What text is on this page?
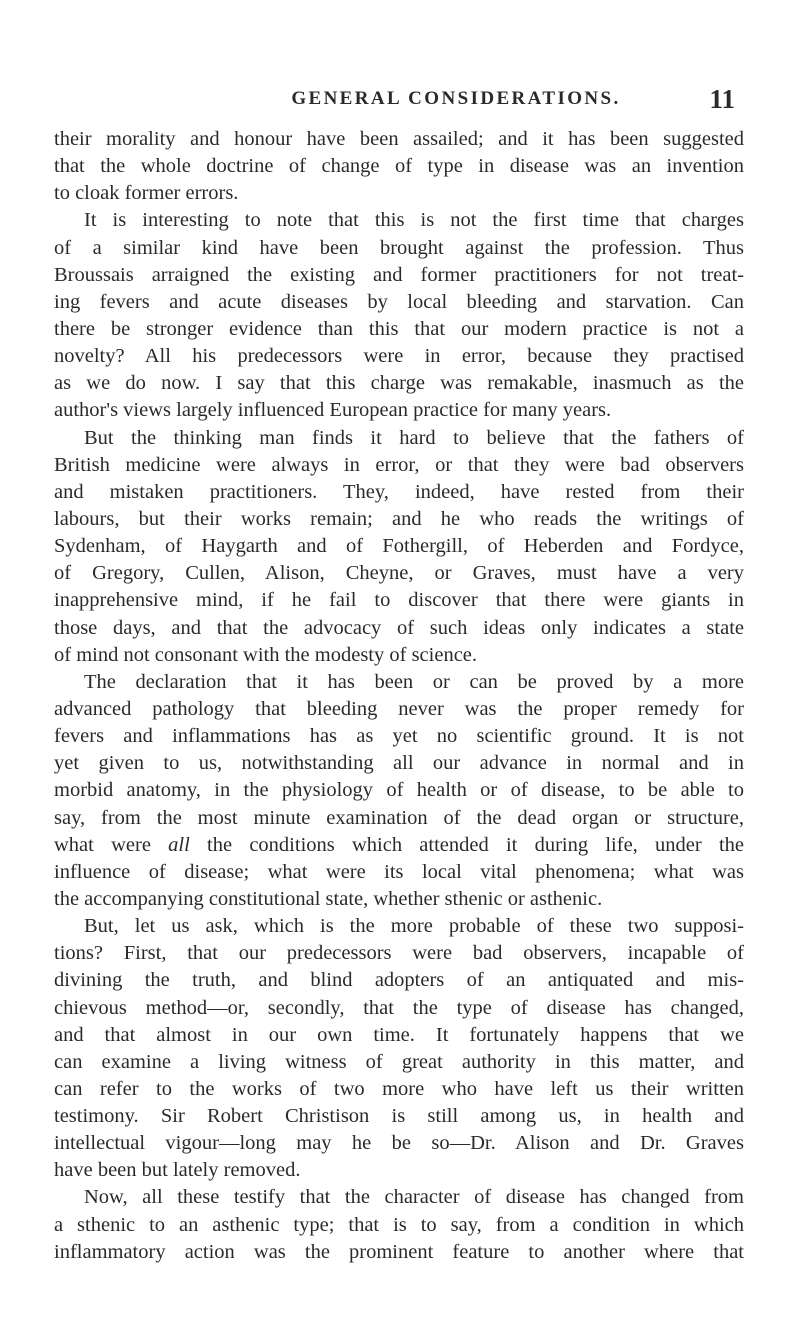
GENERAL CONSIDERATIONS.	11
their morality and honour have been assailed; and it has been suggested
that the whole doctrine of change of type in disease was an invention
to cloak former errors.
It is interesting to note that this is not the first time that charges
of a similar kind have been brought against the profession. Thus
Broussais arraigned the existing and former practitioners for not treat-
ing fevers and acute diseases by local bleeding and starvation. Can
there be stronger evidence than this that our modern practice is not a
novelty? All his predecessors were in error, because they practised
as we do now. I say that this charge was remakable, inasmuch as the
author's views largely influenced European practice for many years.
But the thinking man finds it hard to believe that the fathers of
British medicine were always in error, or that they were bad observers
and mistaken practitioners. They, indeed, have rested from their
labours, but their works remain; and he who reads the writings of
Sydenham, of Haygarth and of Fothergill, of Heberden and Fordyce,
of Gregory, Cullen, Alison, Cheyne, or Graves, must have a very
inapprehensive mind, if he fail to discover that there were giants in
those days, and that the advocacy of such ideas only indicates a state
of mind not consonant with the modesty of science.
The declaration that it has been or can be proved by a more
advanced pathology that bleeding never was the proper remedy for
fevers and inflammations has as yet no scientific ground. It is not
yet given to us, notwithstanding all our advance in normal and in
morbid anatomy, in the physiology of health or of disease, to be able to
say, from the most minute examination of the dead organ or structure,
what were all the conditions which attended it during life, under the
influence of disease; what were its local vital phenomena; what was
the accompanying constitutional state, whether sthenic or asthenic.
But, let us ask, which is the more probable of these two supposi-
tions? First, that our predecessors were bad observers, incapable of
divining the truth, and blind adopters of an antiquated and mis-
chievous method—or, secondly, that the type of disease has changed,
and that almost in our own time. It fortunately happens that we
can examine a living witness of great authority in this matter, and
can refer to the works of two more who have left us their written
testimony. Sir Robert Christison is still among us, in health and
intellectual vigour—long may he be so—Dr. Alison and Dr. Graves
have been but lately removed.
Now, all these testify that the character of disease has changed from
a sthenic to an asthenic type; that is to say, from a condition in which
inflammatory action was the prominent feature to another where that
